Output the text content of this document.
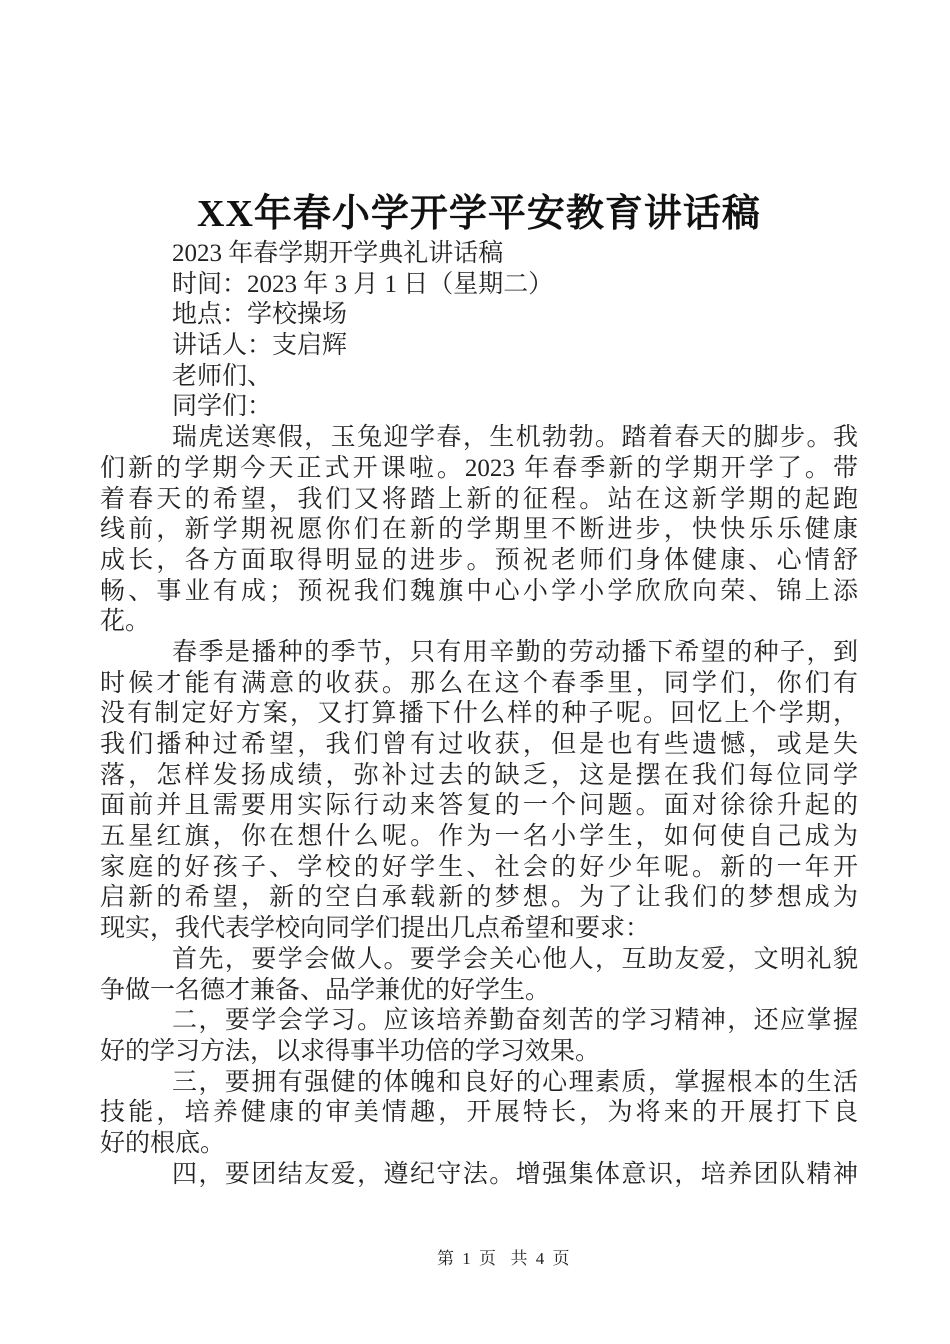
XX年春小学开学平安教育讲话稿
2023 年春学期开学典礼讲话稿
时间：2023 年 3 月 1 日（星期二）
地点：学校操场
讲话人：支启辉
老师们、
同学们：
瑞虎送寒假，玉兔迎学春，生机勃勃。踏着春天的脚步。我
们新的学期今天正式开课啦。2023 年春季新的学期开学了。带
着春天的希望，我们又将踏上新的征程。站在这新学期的起跑
线前，新学期祝愿你们在新的学期里不断进步，快快乐乐健康
成长，各方面取得明显的进步。预祝老师们身体健康、心情舒
畅、事业有成；预祝我们魏旗中心小学小学欣欣向荣、锦上添
花。
春季是播种的季节，只有用辛勤的劳动播下希望的种子，到
时候才能有满意的收获。那么在这个春季里，同学们，你们有
没有制定好方案，又打算播下什么样的种子呢。回忆上个学期，
我们播种过希望，我们曾有过收获，但是也有些遗憾，或是失
落，怎样发扬成绩，弥补过去的缺乏，这是摆在我们每位同学
面前并且需要用实际行动来答复的一个问题。面对徐徐升起的
五星红旗，你在想什么呢。作为一名小学生，如何使自己成为
家庭的好孩子、学校的好学生、社会的好少年呢。新的一年开
启新的希望，新的空白承载新的梦想。为了让我们的梦想成为
现实，我代表学校向同学们提出几点希望和要求：
首先，要学会做人。要学会关心他人，互助友爱，文明礼貌
争做一名德才兼备、品学兼优的好学生。
二，要学会学习。应该培养勤奋刻苦的学习精神，还应掌握
好的学习方法，以求得事半功倍的学习效果。
三，要拥有强健的体魄和良好的心理素质，掌握根本的生活
技能，培养健康的审美情趣，开展特长，为将来的开展打下良
好的根底。
四，要团结友爱，遵纪守法。增强集体意识，培养团队精神
第 1 页  共 4 页
